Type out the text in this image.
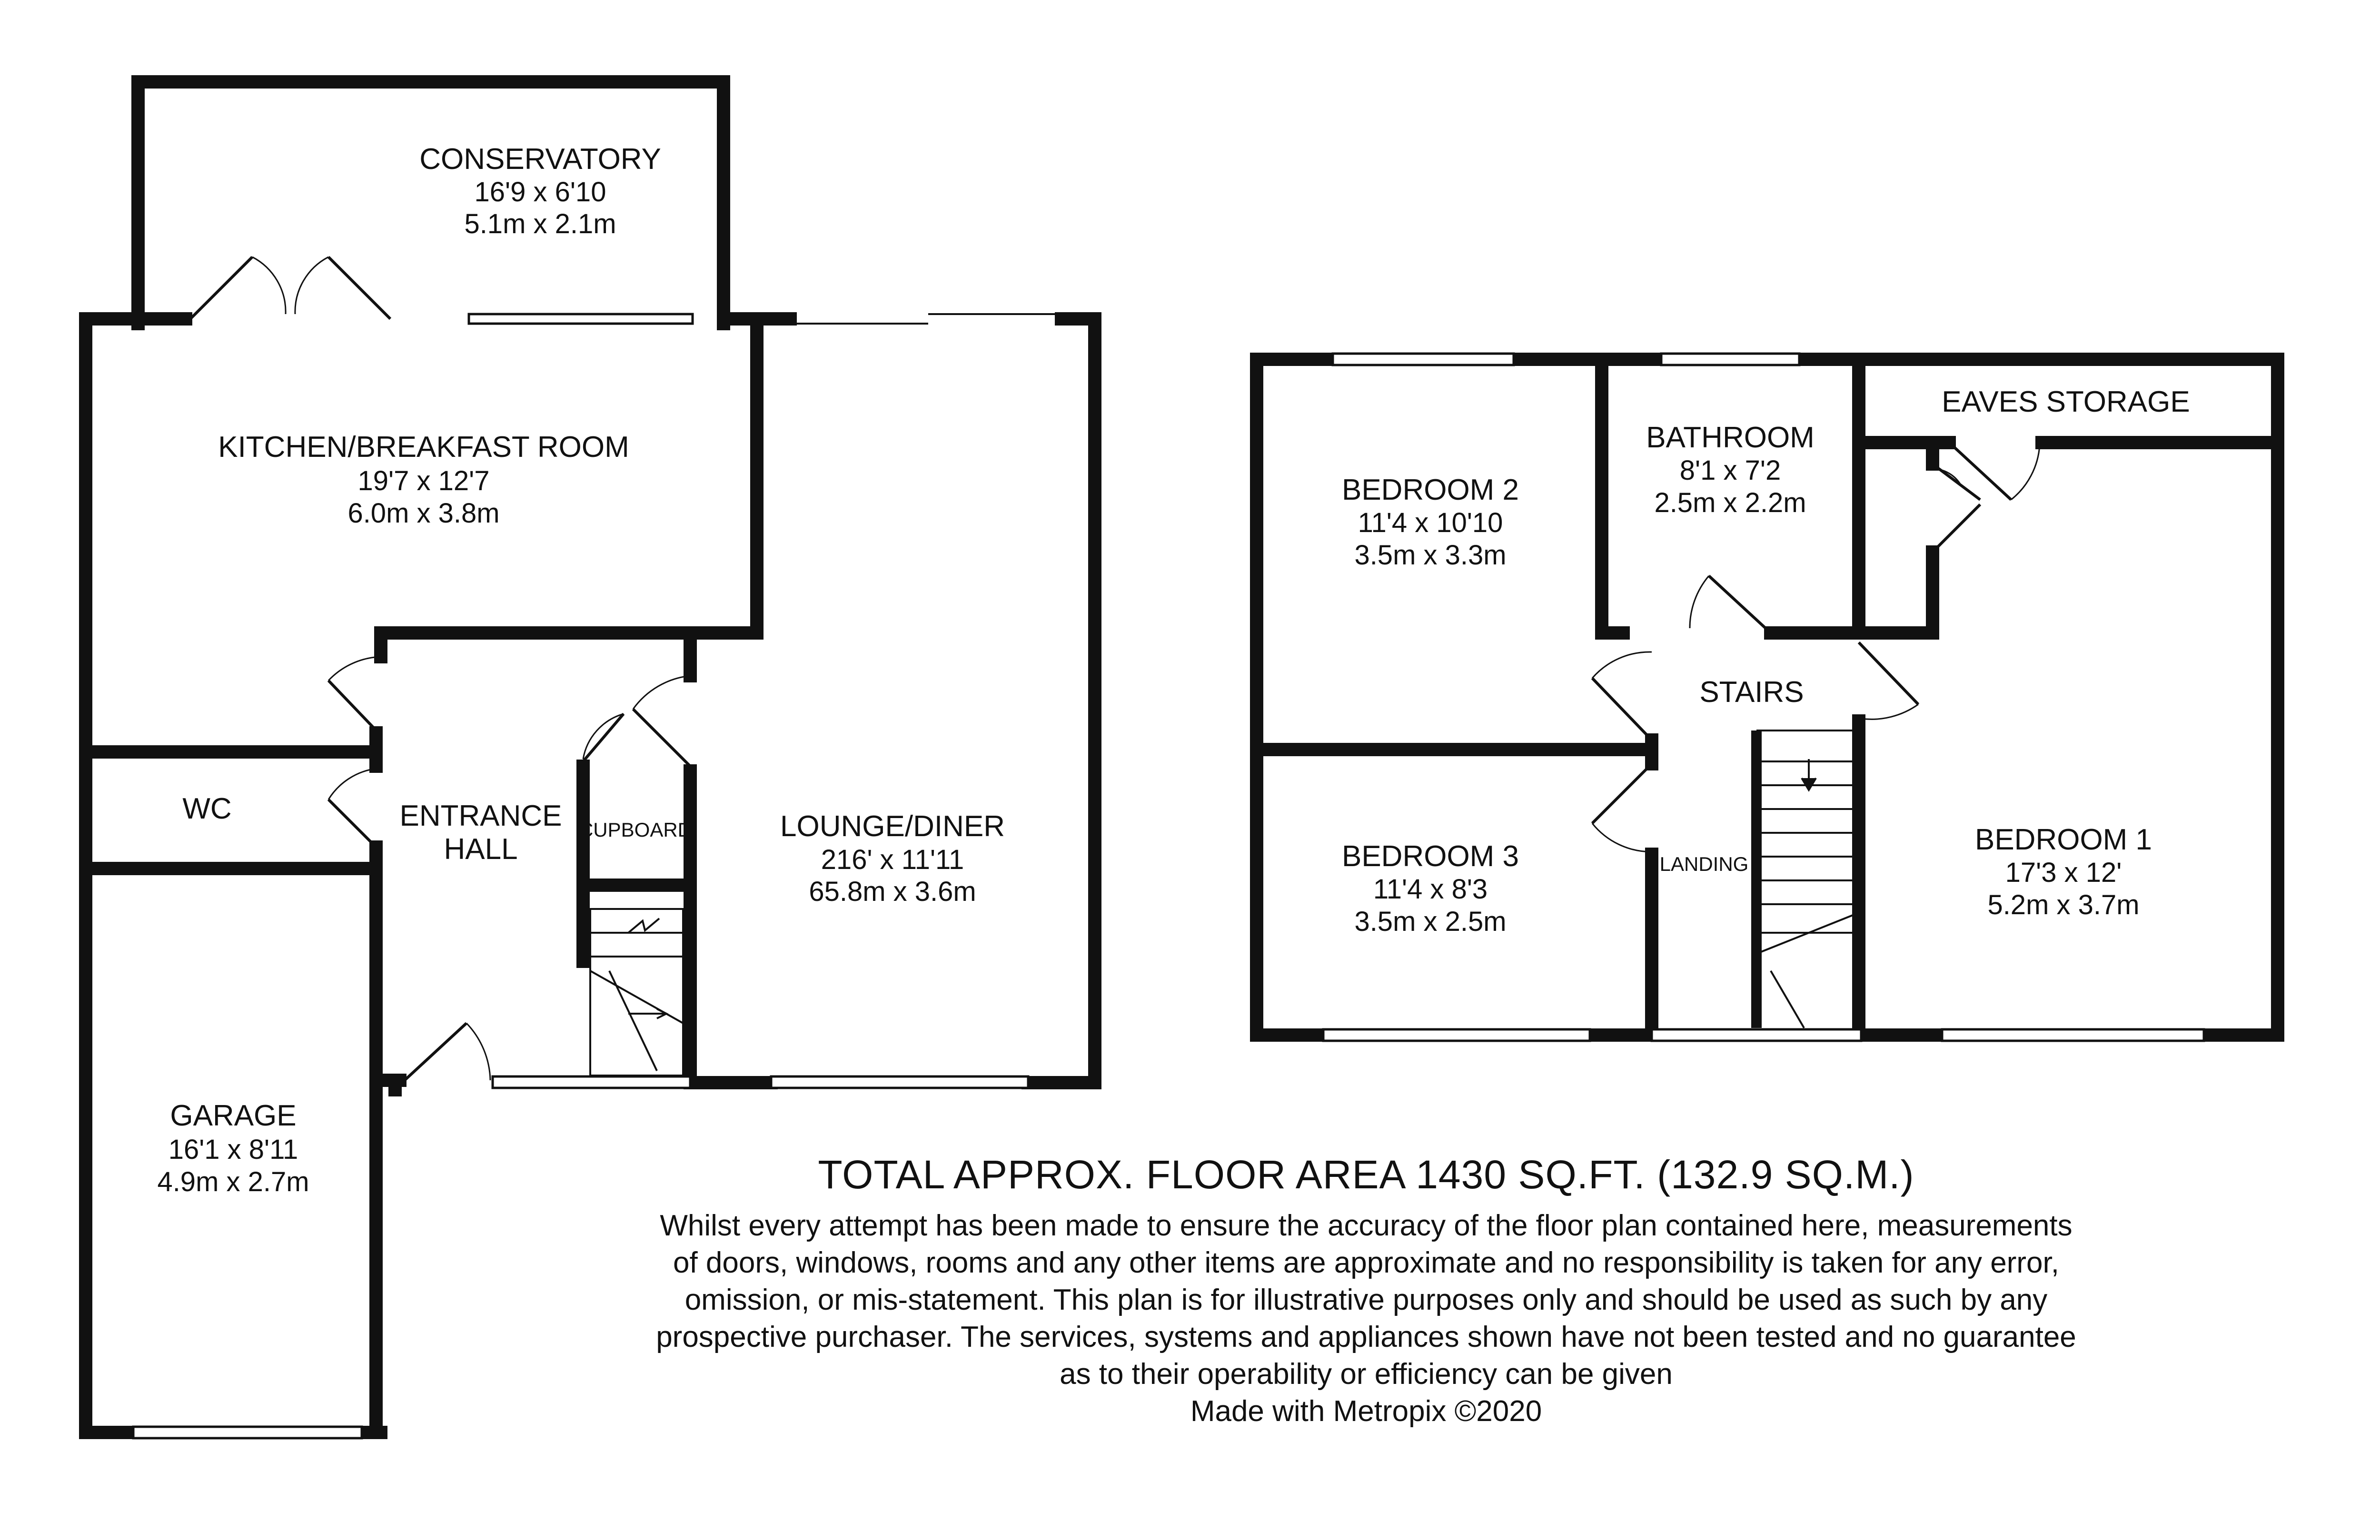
CONSERVATORY
16'9 x 6'10
5.1m x 2.1m
KITCHEN/BREAKFAST ROOM
19'7 x 12'7
6.0m x 3.8m
WC	ENTRANCE
HALL
CUPBOARD	LOUNGE/DINER
216' x 11'11
65.8m x 3.6m
GARAGE
16'1 x 8'11
4.9m x 2.7m
BEDROOM 2
11'4 x 10'10
3.5m x 3.3m
BATHROOM
8'1 x 7'2
2.5m x 2.2m
EAVES STORAGE
STAIRS
LANDING
BEDROOM 3
11'4 x 8'3
3.5m x 2.5m
BEDROOM 1
17'3 x 12'
5.2m x 3.7m
TOTAL APPROX. FLOOR AREA 1430 SQ.FT. (132.9 SQ.M.)
Whilst every attempt has been made to ensure the accuracy of the floor plan contained here, measurements
of doors, windows, rooms and any other items are approximate and no responsibility is taken for any error,
omission, or mis-statement. This plan is for illustrative purposes only and should be used as such by any
prospective purchaser. The services, systems and appliances shown have not been tested and no guarantee
as to their operability or efficiency can be given
Made with Metropix ©2020
